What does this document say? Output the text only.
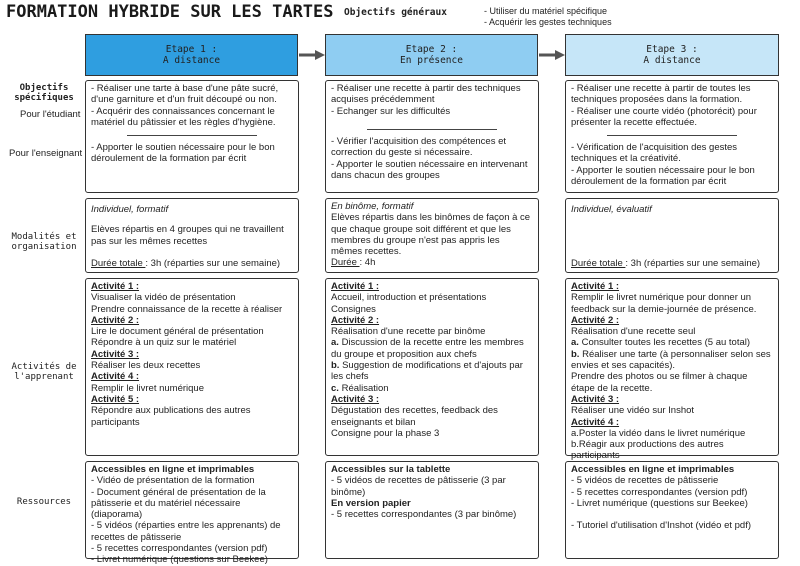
FORMATION HYBRIDE SUR LES TARTES Objectifs généraux	- Utiliser du matériel spécifique
- Acquérir les gestes techniques
Etape 1 :
A distance
Etape 2 :
En présence
Etape 3 :
A distance
Objectifs
spécifiques
Pour l'étudiant
Pour l'enseignant
Modalités et
organisation
Activités de
l'apprenant
Ressources

- Réaliser une tarte à base d'une pâte sucré, d'une garniture et d'un fruit découpé ou non.
- Acquérir des connaissances concernant le matériel du pâtissier et les règles d'hygiène.

- Apporter le soutien nécessaire pour le bon déroulement de la formation par écrit

- Réaliser une recette à partir des techniques acquises précédemment
- Echanger sur les difficultés

- Vérifier l'acquisition des compétences et correction du geste si nécessaire.
- Apporter le soutien nécessaire en intervenant dans chacun des groupes

- Réaliser une recette à partir de toutes les techniques proposées dans la formation.
- Réaliser une courte vidéo (photorécit) pour présenter la recette effectuée.

- Vérification de l'acquisition des gestes techniques et la créativité.
- Apporter le soutien nécessaire pour le bon déroulement de la formation par écrit

Individuel, formatif

Elèves répartis en 4 groupes qui ne travaillent pas sur les mêmes recettes

Durée totale : 3h (réparties sur une semaine)

En binôme, formatif

Elèves répartis dans les binômes de façon à ce que chaque groupe soit différent et que les membres du groupe n'est pas appris les mêmes recettes.

Durée : 4h

Individuel, évaluatif

Durée totale : 3h (réparties sur une semaine)

Activité 1 :

Visualiser la vidéo de présentation
Prendre connaissance de la recette à réaliser

Activité 2 :

Lire le document général de présentation
Répondre à un quiz sur le matériel

Activité 3 :

Réaliser les deux recettes

Activité 4 :

Remplir le livret numérique

Activité 5 :

Répondre aux publications des autres participants

Activité 1 :

Accueil, introduction et présentations
Consignes

Activité 2 :

Réalisation d'une recette par binôme

a. Discussion de la recette entre les membres du groupe et proposition aux chefs

b. Suggestion de modifications et d'ajouts par les chefs

c. Réalisation

Activité 3 :

Dégustation des recettes, feedback des enseignants et bilan
Consigne pour la phase 3

Activité 1 :

Remplir le livret numérique pour donner un feedback sur la demie-journée de présence.

Activité 2 :

Réalisation d'une recette seul

a. Consulter toutes les recettes (5 au total)

b. Réaliser une tarte (à personnaliser selon ses envies et ses capacités).

Prendre des photos ou se filmer à chaque étape de la recette.

Activité 3 :

Réaliser une vidéo sur Inshot

Activité 4 :

a.Poster la vidéo dans le livret numérique
b.Réagir aux productions des autres participants

Accessibles en ligne et imprimables

- Vidéo de présentation de la formation
- Document général de présentation de la pâtisserie et du matériel nécessaire (diaporama)
- 5 vidéos (réparties entre les apprenants) de recettes de pâtisserie
- 5 recettes correspondantes (version pdf)
- Livret numérique (questions sur Beekee)

Accessibles sur la tablette

- 5 vidéos de recettes de pâtisserie (3 par binôme)

En version papier

- 5 recettes correspondantes (3 par binôme)

Accessibles en ligne et imprimables

- 5 vidéos de recettes de pâtisserie
- 5 recettes correspondantes (version pdf)
- Livret numérique (questions sur Beekee)

- Tutoriel d'utilisation d'Inshot (vidéo et pdf)
